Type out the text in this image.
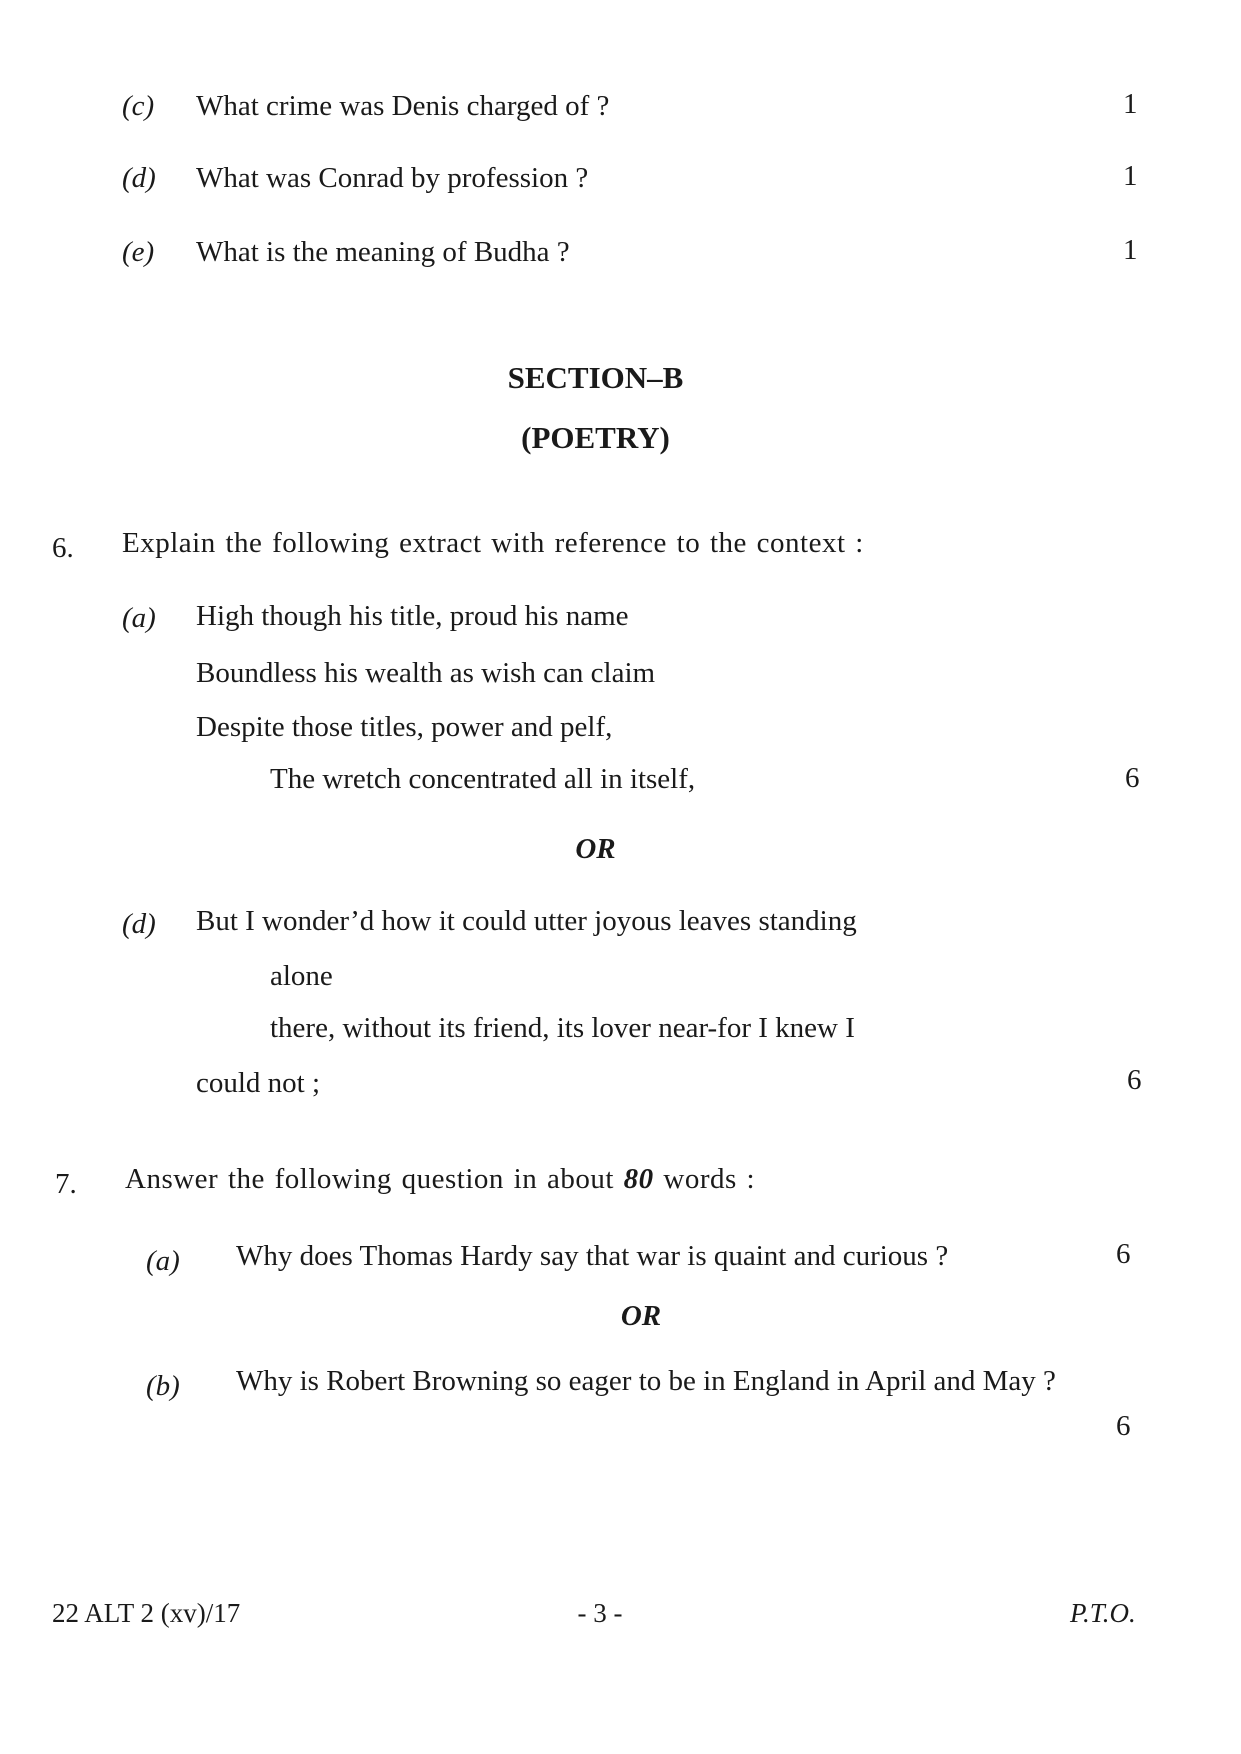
(c) What crime was Denis charged of ?	1
(d) What was Conrad by profession ?	1
(e) What is the meaning of Budha ?	1
SECTION–B
(POETRY)
6. Explain the following extract with reference to the context :
(a) High though his title, proud his name
Boundless his wealth as wish can claim
Despite those titles, power and pelf,
The wretch concentrated all in itself,	6
OR
(d) But I wonder’d how it could utter joyous leaves standing
alone
there, without its friend, its lover near-for I knew I
could not ;	6
7. Answer the following question in about 80 words :
(a) Why does Thomas Hardy say that war is quaint and curious ?	6
OR
(b) Why is Robert Browning so eager to be in England in April and May ?
6
22 ALT 2 (xv)/17	- 3 -	P.T.O.
